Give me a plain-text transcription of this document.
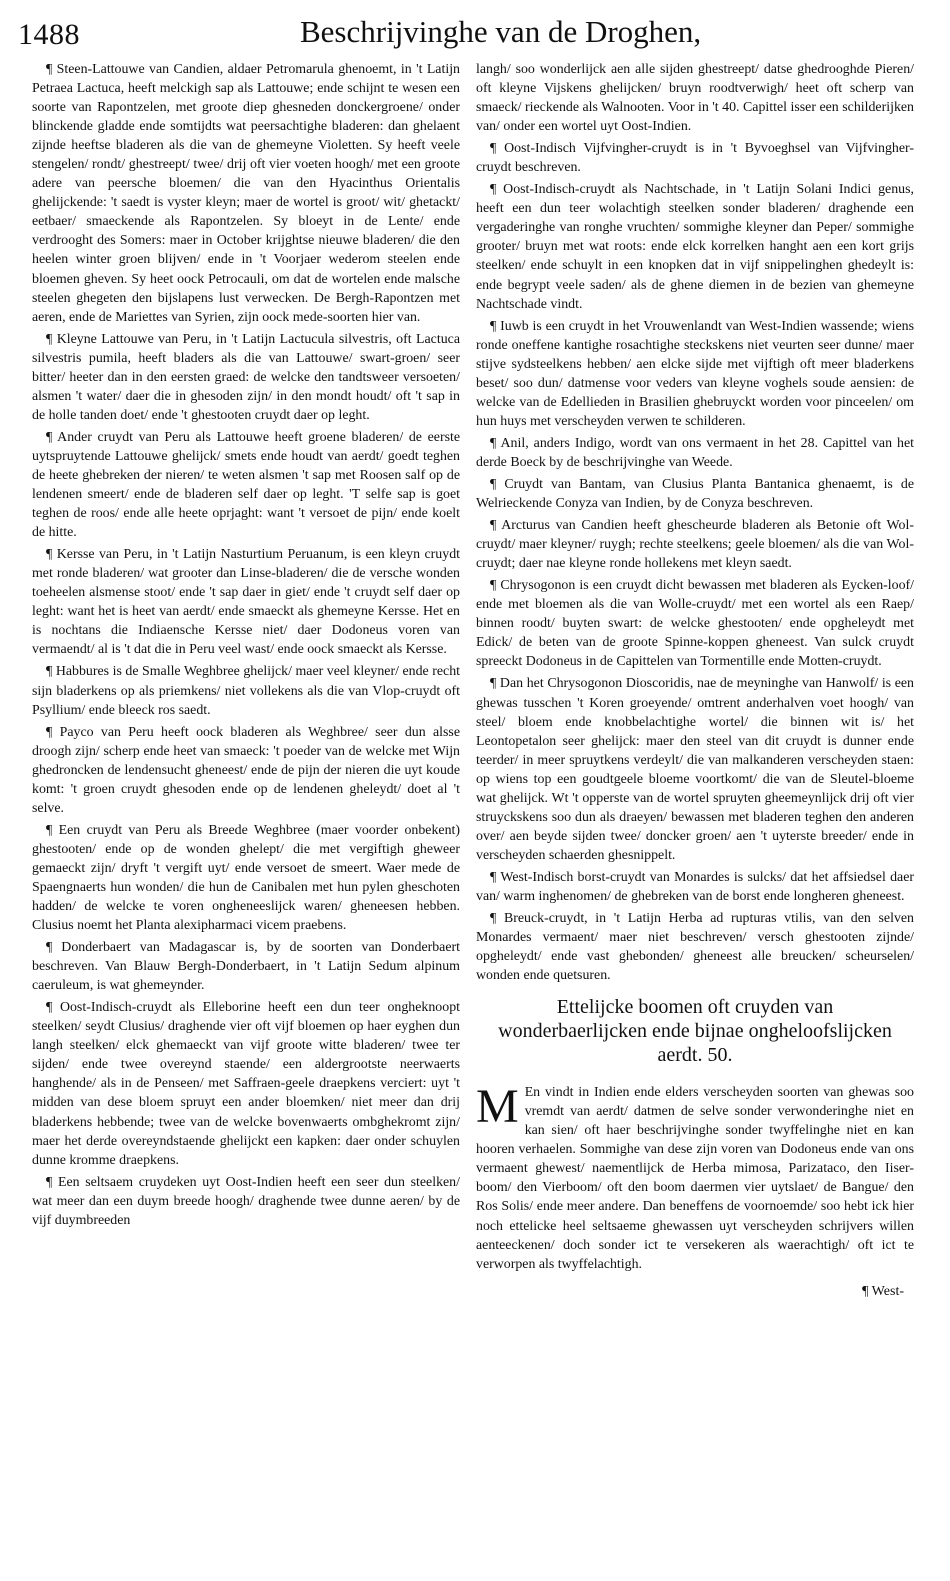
1488	Beschrijvinghe van de Droghen,

¶ Steen-Lattouwe van Candien, aldaer Petromarula ghenoemt, in 't Latijn Petraea Lactuca, heeft melckigh sap als Lattouwe; ende schijnt te wesen een soorte van Rapontzelen, met groote diep ghesneden donckergroene/ onder blinckende gladde ende somtijdts wat peersachtighe bladeren: dan ghelaent zijnde heeftse bladeren als die van de ghemeyne Violetten. Sy heeft veele stengelen/ rondt/ ghestreept/ twee/ drij oft vier voeten hoogh/ met een groote adere van peersche bloemen/ die van den Hyacinthus Orientalis ghelijckende: 't saedt is vyster kleyn; maer de wortel is groot/ wit/ ghetackt/ eetbaer/ smaeckende als Rapontzelen. Sy bloeyt in de Lente/ ende verdrooght des Somers: maer in October krijghtse nieuwe bladeren/ die den heelen winter groen blijven/ ende in 't Voorjaer wederom steelen ende bloemen gheven. Sy heet oock Petrocauli, om dat de wortelen ende malsche steelen ghegeten den bijslapens lust verwecken. De Bergh-Rapontzen met aeren, ende de Mariettes van Syrien, zijn oock mede-soorten hier van.

¶ Kleyne Lattouwe van Peru, in 't Latijn Lactucula silvestris, oft Lactuca silvestris pumila, heeft bladers als die van Lattouwe/ swart-groen/ seer bitter/ heeter dan in den eersten graed: de welcke den tandtsweer versoeten/ alsmen 't water/ daer die in ghesoden zijn/ in den mondt houdt/ oft 't sap in de holle tanden doet/ ende 't ghestooten cruydt daer op leght.

¶ Ander cruydt van Peru als Lattouwe heeft groene bladeren/ de eerste uytspruytende Lattouwe ghelijck/ smets ende houdt van aerdt/ goedt teghen de heete ghebreken der nieren/ te weten alsmen 't sap met Roosen salf op de lendenen smeert/ ende de bladeren self daer op leght. 'T selfe sap is goet teghen de roos/ ende alle heete oprjaght: want 't versoet de pijn/ ende koelt de hitte.

¶ Kersse van Peru, in 't Latijn Nasturtium Peruanum, is een kleyn cruydt met ronde bladeren/ wat grooter dan Linse-bladeren/ die de versche wonden toeheelen alsmense stoot/ ende 't sap daer in giet/ ende 't cruydt self daer op leght: want het is heet van aerdt/ ende smaeckt als ghemeyne Kersse. Het en is nochtans die Indiaensche Kersse niet/ daer Dodoneus voren van vermaendt/ al is 't dat die in Peru veel wast/ ende oock smaeckt als Kersse.

¶ Habbures is de Smalle Weghbree ghelijck/ maer veel kleyner/ ende recht sijn bladerkens op als priemkens/ niet vollekens als die van Vlop-cruydt oft Psyllium/ ende bleeck ros saedt.

¶ Payco van Peru heeft oock bladeren als Weghbree/ seer dun alsse droogh zijn/ scherp ende heet van smaeck: 't poeder van de welcke met Wijn ghedroncken de lendensucht gheneest/ ende de pijn der nieren die uyt koude komt: 't groen cruydt ghesoden ende op de lendenen gheleydt/ doet al 't selve.

¶ Een cruydt van Peru als Breede Weghbree (maer voorder onbekent) ghestooten/ ende op de wonden ghelept/ die met vergiftigh gheweer gemaeckt zijn/ dryft 't vergift uyt/ ende versoet de smeert. Waer mede de Spaengnaerts hun wonden/ die hun de Canibalen met hun pylen gheschoten hadden/ de welcke te voren ongheneeslijck waren/ gheneesen hebben. Clusius noemt het Planta alexipharmaci vicem praebens.

¶ Donderbaert van Madagascar is, by de soorten van Donderbaert beschreven. Van Blauw Bergh-Donderbaert, in 't Latijn Sedum alpinum caeruleum, is wat ghemeynder.

¶ Oost-Indisch-cruydt als Elleborine heeft een dun teer ongheknoopt steelken/ seydt Clusius/ draghende vier oft vijf bloemen op haer eyghen dun langh steelken/ elck ghemaeckt van vijf groote witte bladeren/ twee ter sijden/ ende twee overeynd staende/ een aldergrootste neerwaerts hanghende/ als in de Penseen/ met Saffraen-geele draepkens verciert: uyt 't midden van dese bloem spruyt een ander bloemken/ niet meer dan drij bladerkens hebbende; twee van de welcke bovenwaerts ombghekromt zijn/ maer het derde overeyndstaende ghelijckt een kapken: daer onder schuylen dunne kromme draepkens.

¶ Een seltsaem cruydeken uyt Oost-Indien heeft een seer dun steelken/ wat meer dan een duym breede hoogh/ draghende twee dunne aeren/ by de vijf duymbreeden

langh/ soo wonderlijck aen alle sijden ghestreept/ datse ghedrooghde Pieren/ oft kleyne Vijskens ghelijcken/ bruyn roodtverwigh/ heet oft scherp van smaeck/ rieckende als Walnooten. Voor in 't 40. Capittel isser een schilderijken van/ onder een wortel uyt Oost-Indien.

¶ Oost-Indisch Vijfvingher-cruydt is in 't Byvoeghsel van Vijfvingher-cruydt beschreven.

¶ Oost-Indisch-cruydt als Nachtschade, in 't Latijn Solani Indici genus, heeft een dun teer wolachtigh steelken sonder bladeren/ draghende een vergaderinghe van ronghe vruchten/ sommighe kleyner dan Peper/ sommighe grooter/ bruyn met wat roots: ende elck korrelken hanght aen een kort grijs steelken/ ende schuylt in een knopken dat in vijf snippelinghen ghedeylt is: ende begrypt veele saden/ als de ghene diemen in de bezien van ghemeyne Nachtschade vindt.

¶ Iuwb is een cruydt in het Vrouwenlandt van West-Indien wassende; wiens ronde oneffene kantighe rosachtighe steckskens niet veurten seer dunne/ maer stijve sydsteelkens hebben/ aen elcke sijde met vijftigh oft meer bladerkens beset/ soo dun/ datmense voor veders van kleyne voghels soude aensien: de welcke van de Edellieden in Brasilien ghebruyckt worden voor pinceelen/ om hun huys met verscheyden verwen te schilderen.

¶ Anil, anders Indigo, wordt van ons vermaent in het 28. Capittel van het derde Boeck by de beschrijvinghe van Weede.

¶ Cruydt van Bantam, van Clusius Planta Bantanica ghenaemt, is de Welrieckende Conyza van Indien, by de Conyza beschreven.

¶ Arcturus van Candien heeft ghescheurde bladeren als Betonie oft Wol-cruydt/ maer kleyner/ ruygh; rechte steelkens; geele bloemen/ als die van Wol-cruydt; daer nae kleyne ronde hollekens met kleyn saedt.

¶ Chrysogonon is een cruydt dicht bewassen met bladeren als Eycken-loof/ ende met bloemen als die van Wolle-cruydt/ met een wortel als een Raep/ binnen roodt/ buyten swart: de welcke ghestooten/ ende opgheleydt met Edick/ de beten van de groote Spinne-koppen gheneest. Van sulck cruydt spreeckt Dodoneus in de Capittelen van Tormentille ende Motten-cruydt.

¶ Dan het Chrysogonon Dioscoridis, nae de meyninghe van Hanwolf/ is een ghewas tusschen 't Koren groeyende/ omtrent anderhalven voet hoogh/ van steel/ bloem ende knobbelachtighe wortel/ die binnen wit is/ het Leontopetalon seer ghelijck: maer den steel van dit cruydt is dunner ende teerder/ in meer spruytkens verdeylt/ die van malkanderen verscheyden staen: op wiens top een goudtgeele bloeme voortkomt/ die van de Sleutel-bloeme wat ghelijck. Wt 't opperste van de wortel spruyten gheemeynlijck drij oft vier struyckskens soo dun als draeyen/ bewassen met bladeren teghen den anderen over/ aen beyde sijden twee/ doncker groen/ aen 't uyterste breeder/ ende in verscheyden schaerden ghesnippelt.

¶ West-Indisch borst-cruydt van Monardes is sulcks/ dat het affsiedsel daer van/ warm inghenomen/ de ghebreken van de borst ende longheren gheneest.

¶ Breuck-cruydt, in 't Latijn Herba ad rupturas vtilis, van den selven Monardes vermaent/ maer niet beschreven/ versch ghestooten zijnde/ opgheleydt/ ende vast ghebonden/ gheneest alle breucken/ scheurselen/ wonden ende quetsuren.

Ettelijcke boomen oft cruyden van wonderbaerlijcken ende bijnae ongheloofslijcken aerdt. 50.

M En vindt in Indien ende elders verscheyden soorten van ghewas soo vremdt van aerdt/ datmen de selve sonder verwonderinghe niet en kan sien/ oft haer beschrijvinghe sonder twyffelinghe niet en kan hooren verhaelen. Sommighe van dese zijn voren van Dodoneus ende van ons vermaent ghewest/ naementlijck de Herba mimosa, Parizataco, den Iiser-boom/ den Vierboom/ oft den boom daermen vier uytslaet/ de Bangue/ den Ros Solis/ ende meer andere. Dan beneffens de voornoemde/ soo hebt ick hier noch ettelicke heel seltsaeme ghewassen uyt verscheyden schrijvers willen aenteeckenen/ doch sonder ict te versekeren als waerachtigh/ oft ict te verworpen als twyffelachtigh.

¶ West-
